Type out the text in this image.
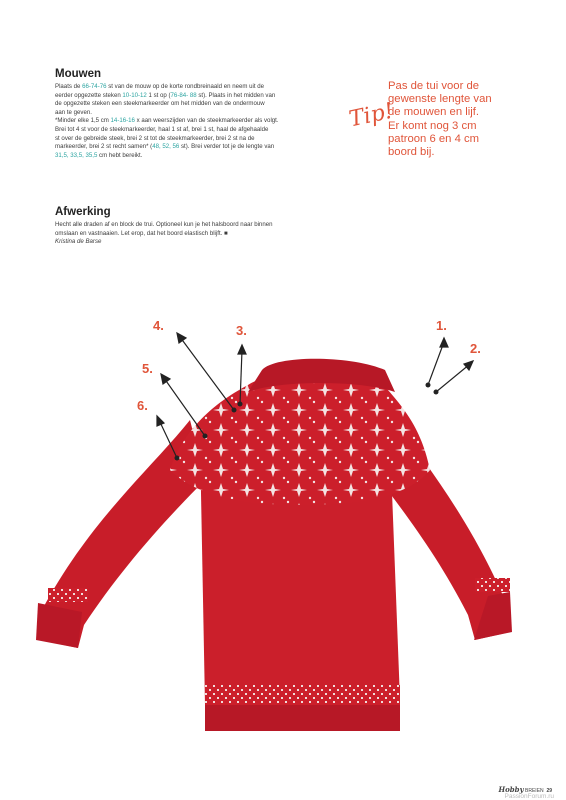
Mouwen

Plaats de 66-74-76 st van de mouw op de korte rondbreinaald en neem uit de

eerder opgezette steken 10-10-12 1 st op (76-84- 88 st). Plaats in het midden van

de opgezette steken een steekmarkeerder om het midden van de ondermouw

aan te geven.

*Minder elke 1,5 cm 14-16-16 x aan weerszijden van de steekmarkeerder als volgt.

Brei tot 4 st voor de steekmarkeerder, haal 1 st af, brei 1 st, haal de afgehaalde

st over de gebreide steek, brei 2 st tot de steekmarkeerder, brei 2 st na de

markeerder, brei 2 st recht samen* (48, 52, 56 st). Brei verder tot je de lengte van

31,5, 33,5, 35,5 cm hebt bereikt.

Afwerking

Hecht alle draden af en block de trui. Optioneel kun je het halsboord naar binnen

omslaan en vastnaaien. Let erop, dat het boord elastisch blijft. ■

Kristina de Barse
Tip!
Pas de tui voor de
gewenste lengte van
de mouwen en lijf.
Er komt nog 3 cm
patroon 6 en 4 cm
boord bij.
1.
2.
3.
4.
5.
6.
Hobby BREIEN 29
PassionForum.ru
